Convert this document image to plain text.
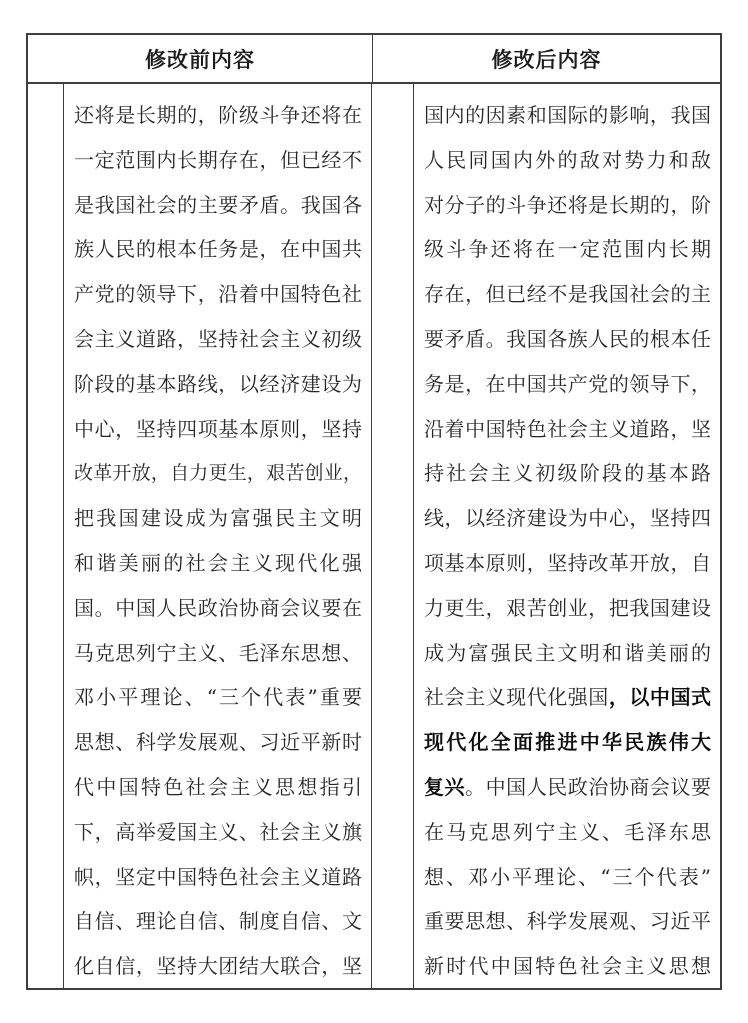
修改前内容	修改后内容
还将是长期的，阶级斗争还将在
一定范围内长期存在，但已经不
是我国社会的主要矛盾。我国各
族人民的根本任务是，在中国共
产党的领导下，沿着中国特色社
会主义道路，坚持社会主义初级
阶段的基本路线，以经济建设为
中心，坚持四项基本原则，坚持
改革开放，自力更生，艰苦创业，
把我国建设成为富强民主文明
和谐美丽的社会主义现代化强
国。中国人民政治协商会议要在
马克思列宁主义、毛泽东思想、
邓小平理论、“三个代表”重要
思想、科学发展观、习近平新时
代中国特色社会主义思想指引
下，高举爱国主义、社会主义旗
帜，坚定中国特色社会主义道路
自信、理论自信、制度自信、文
化自信，坚持大团结大联合，坚
国内的因素和国际的影响，我国
人民同国内外的敌对势力和敌
对分子的斗争还将是长期的，阶
级斗争还将在一定范围内长期
存在，但已经不是我国社会的主
要矛盾。我国各族人民的根本任
务是，在中国共产党的领导下，
沿着中国特色社会主义道路，坚
持社会主义初级阶段的基本路
线，以经济建设为中心，坚持四
项基本原则，坚持改革开放，自
力更生，艰苦创业，把我国建设
成为富强民主文明和谐美丽的
社会主义现代化强国，以中国式
现代化全面推进中华民族伟大
复兴。中国人民政治协商会议要
在马克思列宁主义、毛泽东思
想、邓小平理论、“三个代表”
重要思想、科学发展观、习近平
新时代中国特色社会主义思想
